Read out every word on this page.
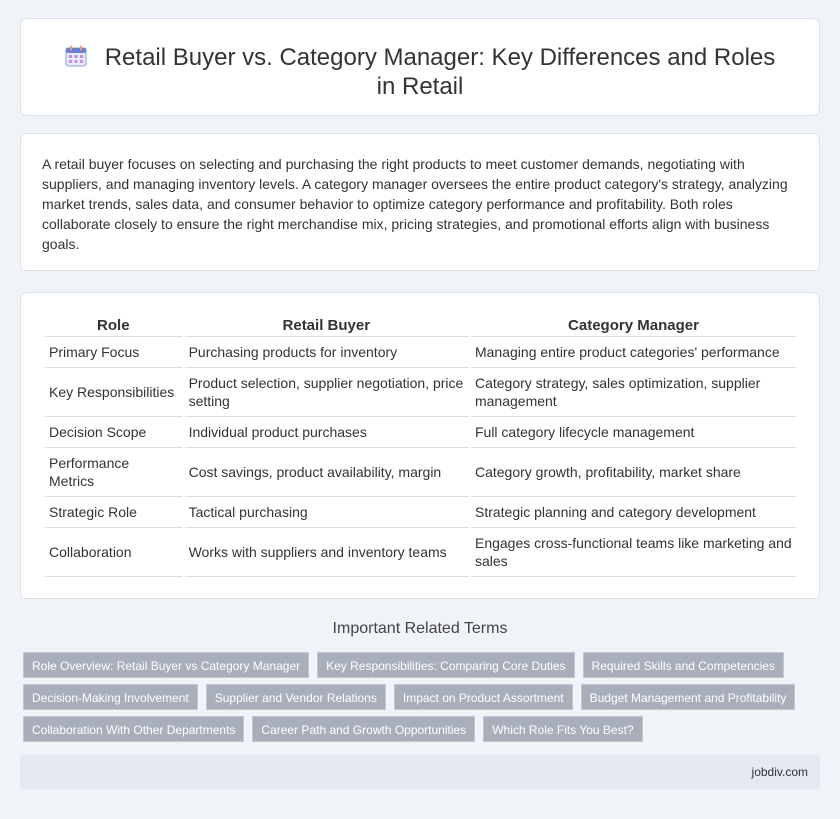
Retail Buyer vs. Category Manager: Key Differences and Roles in Retail

A retail buyer focuses on selecting and purchasing the right products to meet customer demands, negotiating with suppliers, and managing inventory levels. A category manager oversees the entire product category's strategy, analyzing market trends, sales data, and consumer behavior to optimize category performance and profitability. Both roles collaborate closely to ensure the right merchandise mix, pricing strategies, and promotional efforts align with business goals.

Role	Retail Buyer	Category Manager
Primary Focus	Purchasing products for inventory	Managing entire product categories' performance
Key Responsibilities	Product selection, supplier negotiation, price setting	Category strategy, sales optimization, supplier management
Decision Scope	Individual product purchases	Full category lifecycle management
Performance Metrics	Cost savings, product availability, margin	Category growth, profitability, market share
Strategic Role	Tactical purchasing	Strategic planning and category development
Collaboration	Works with suppliers and inventory teams	Engages cross-functional teams like marketing and sales
Important Related Terms
Role Overview: Retail Buyer vs Category Manager	Key Responsibilities: Comparing Core Duties	Required Skills and Competencies
Decision-Making Involvement	Supplier and Vendor Relations	Impact on Product Assortment	Budget Management and Profitability
Collaboration With Other Departments	Career Path and Growth Opportunities	Which Role Fits You Best?
jobdiv.com
